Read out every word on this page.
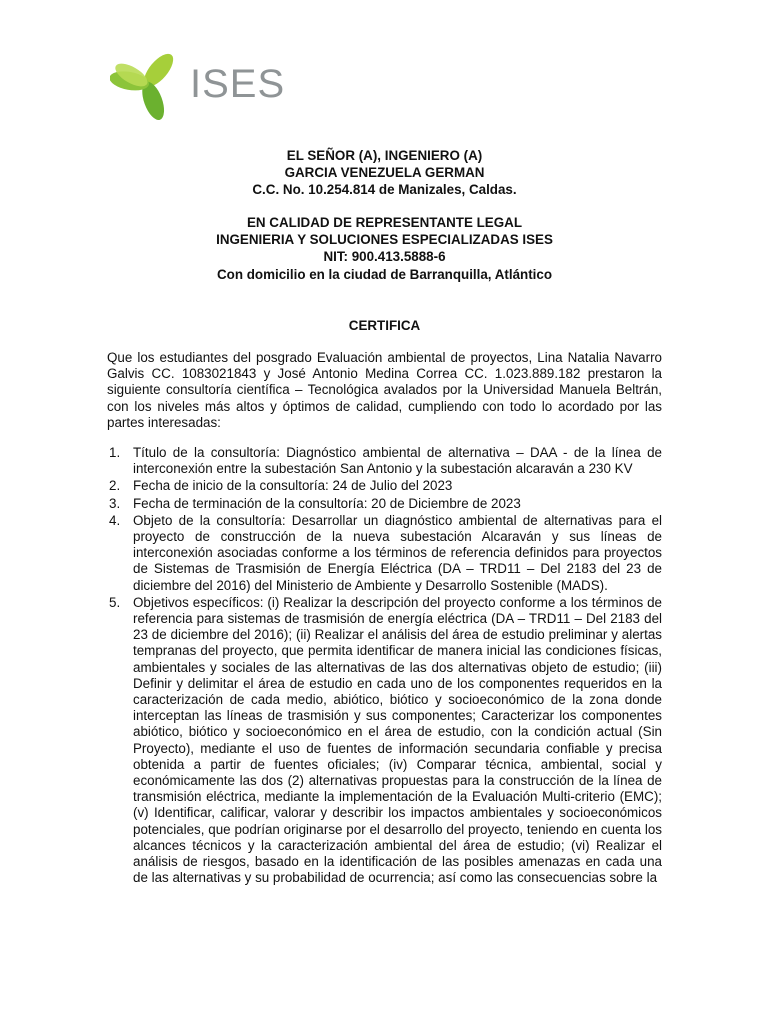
ISES
EL SEÑOR (A), INGENIERO (A)
GARCIA VENEZUELA GERMAN
C.C. No. 10.254.814 de Manizales, Caldas.
EN CALIDAD DE REPRESENTANTE LEGAL
INGENIERIA Y SOLUCIONES ESPECIALIZADAS ISES
NIT: 900.413.5888-6
Con domicilio en la ciudad de Barranquilla, Atlántico
CERTIFICA
Que los estudiantes del posgrado Evaluación ambiental de proyectos, Lina Natalia Navarro Galvis CC. 1083021843 y José Antonio Medina Correa CC. 1.023.889.182 prestaron la siguiente consultoría científica – Tecnológica avalados por la Universidad Manuela Beltrán, con los niveles más altos y óptimos de calidad, cumpliendo con todo lo acordado por las partes interesadas:
1. Título de la consultoría: Diagnóstico ambiental de alternativa – DAA - de la línea de interconexión entre la subestación San Antonio y la subestación alcaraván a 230 KV
2. Fecha de inicio de la consultoría: 24 de Julio del 2023
3. Fecha de terminación de la consultoría: 20 de Diciembre de 2023
4. Objeto de la consultoría: Desarrollar un diagnóstico ambiental de alternativas para el proyecto de construcción de la nueva subestación Alcaraván y sus líneas de interconexión asociadas conforme a los términos de referencia definidos para proyectos de Sistemas de Trasmisión de Energía Eléctrica (DA – TRD11 – Del 2183 del 23 de diciembre del 2016) del Ministerio de Ambiente y Desarrollo Sostenible (MADS).
5. Objetivos específicos: (i) Realizar la descripción del proyecto conforme a los términos de referencia para sistemas de trasmisión de energía eléctrica (DA – TRD11 – Del 2183 del 23 de diciembre del 2016); (ii) Realizar el análisis del área de estudio preliminar y alertas tempranas del proyecto, que permita identificar de manera inicial las condiciones físicas, ambientales y sociales de las alternativas de las dos alternativas objeto de estudio; (iii) Definir y delimitar el área de estudio en cada uno de los componentes requeridos en la caracterización de cada medio, abiótico, biótico y socioeconómico de la zona donde interceptan las líneas de trasmisión y sus componentes; Caracterizar los componentes abiótico, biótico y socioeconómico en el área de estudio, con la condición actual (Sin Proyecto), mediante el uso de fuentes de información secundaria confiable y precisa obtenida a partir de fuentes oficiales; (iv) Comparar técnica, ambiental, social y económicamente las dos (2) alternativas propuestas para la construcción de la línea de transmisión eléctrica, mediante la implementación de la Evaluación Multi-criterio (EMC); (v) Identificar, calificar, valorar y describir los impactos ambientales y socioeconómicos potenciales, que podrían originarse por el desarrollo del proyecto, teniendo en cuenta los alcances técnicos y la caracterización ambiental del área de estudio; (vi) Realizar el análisis de riesgos, basado en la identificación de las posibles amenazas en cada una de las alternativas y su probabilidad de ocurrencia; así como las consecuencias sobre la
